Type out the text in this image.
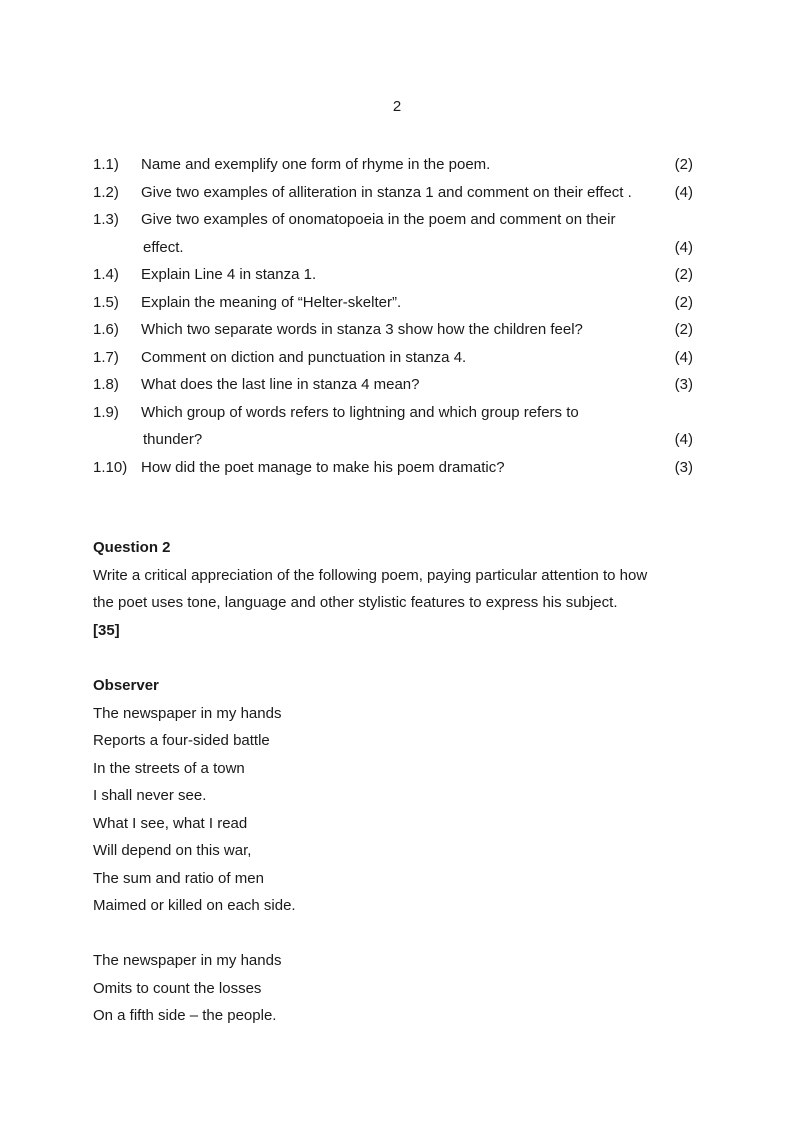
2
1.1)	Name and exemplify one form of rhyme in the poem.	(2)
1.2)	Give two examples of alliteration in stanza 1 and comment on their effect .	(4)
1.3)	Give two examples of onomatopoeia in the poem and comment on their
effect.	(4)
1.4)	Explain Line 4 in stanza 1.	(2)
1.5)	Explain the meaning of “Helter-skelter”.	(2)
1.6)	Which two separate words in stanza 3 show how the children feel?	(2)
1.7)	Comment on diction and punctuation in stanza 4.	(4)
1.8)	What does the last line in stanza 4 mean?	(3)
1.9)	Which group of words refers to lightning and which group refers to
thunder?	(4)
1.10) How did the poet manage to make his poem dramatic?	(3)
Question 2
Write a critical appreciation of the following poem, paying particular attention to how
the poet uses tone, language and other stylistic features to express his subject.
[35]
Observer
The newspaper in my hands
Reports a four-sided battle
In the streets of a town
I shall never see.
What I see, what I read
Will depend on this war,
The sum and ratio of men
Maimed or killed on each side.
The newspaper in my hands
Omits to count the losses
On a fifth side – the people.
